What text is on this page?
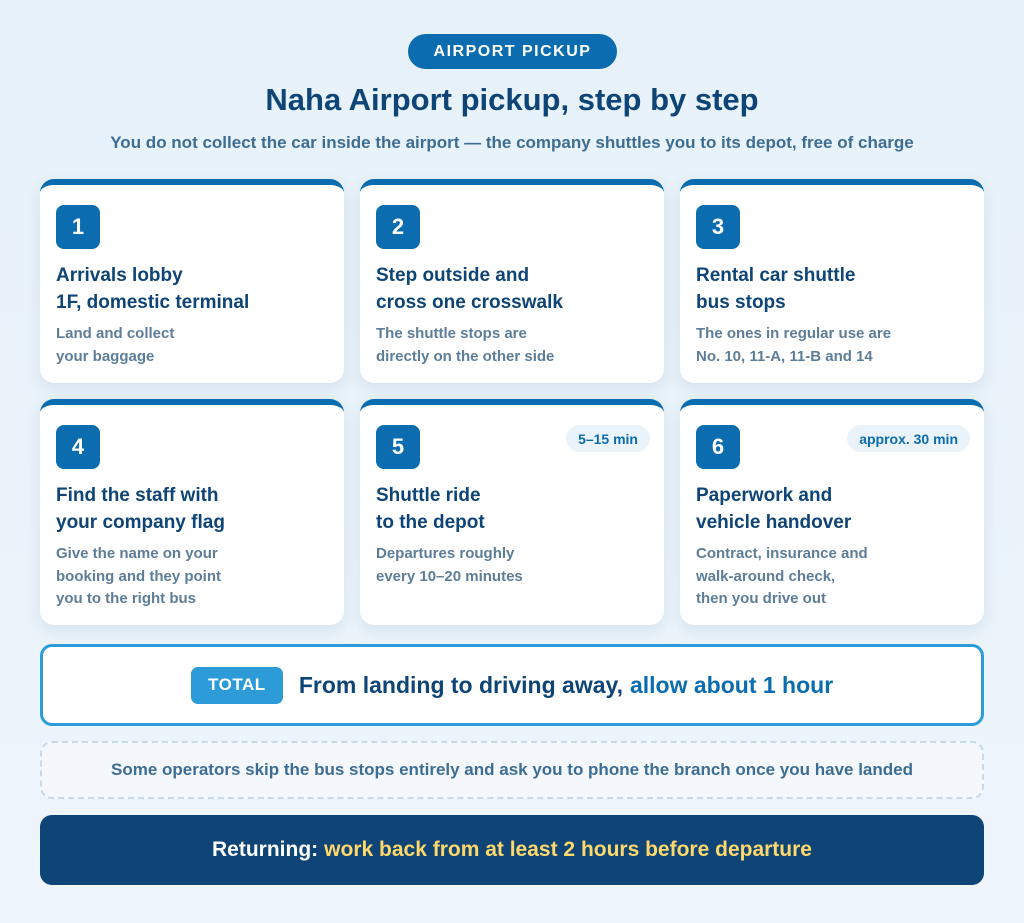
AIRPORT PICKUP
Naha Airport pickup, step by step

You do not collect the car inside the airport — the company shuttles you to its depot, free of charge

1
Arrivals lobby
1F, domestic terminal
Land and collect
your baggage
2
Step outside and
cross one crosswalk
The shuttle stops are
directly on the other side
3
Rental car shuttle
bus stops
The ones in regular use are
No. 10, 11-A, 11-B and 14
4
Find the staff with
your company flag
Give the name on your
booking and they point
you to the right bus
5	5–15 min
Shuttle ride
to the depot
Departures roughly
every 10–20 minutes
6	approx. 30 min
Paperwork and
vehicle handover
Contract, insurance and
walk-around check,
then you drive out
TOTAL	From landing to driving away, allow about 1 hour
Some operators skip the bus stops entirely and ask you to phone the branch once you have landed
Returning: work back from at least 2 hours before departure
